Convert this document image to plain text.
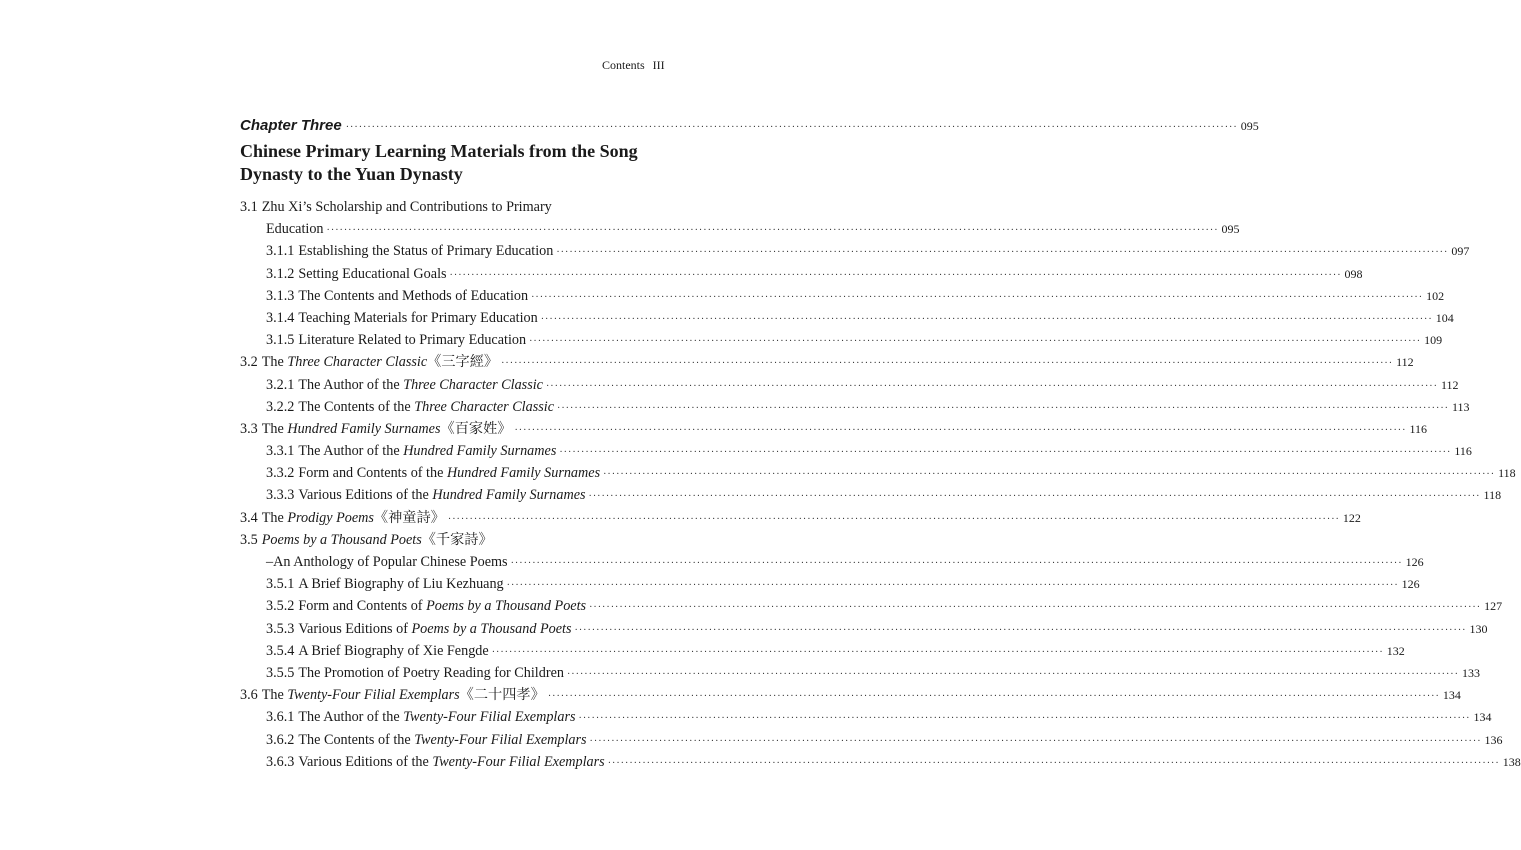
Contents III
Chapter Three ·····	095
Chinese Primary Learning Materials from the Song Dynasty to the Yuan Dynasty
3.1 Zhu Xi’s Scholarship and Contributions to Primary
Education ·····	095
3.1.1 Establishing the Status of Primary Education ·····	097
3.1.2 Setting Educational Goals ·····	098
3.1.3 The Contents and Methods of Education ·····	102
3.1.4 Teaching Materials for Primary Education ·····	104
3.1.5 Literature Related to Primary Education ·····	109
3.2 The Three Character Classic《三字經》 ·····	112
3.2.1 The Author of the Three Character Classic ·····	112
3.2.2 The Contents of the Three Character Classic ·····	113
3.3 The Hundred Family Surnames《百家姓》 ·····	116
3.3.1 The Author of the Hundred Family Surnames ·····	116
3.3.2 Form and Contents of the Hundred Family Surnames ·····	118
3.3.3 Various Editions of the Hundred Family Surnames ·····	118
3.4 The Prodigy Poems《神童詩》 ·····	122
3.5 Poems by a Thousand Poets《千家詩》
–An Anthology of Popular Chinese Poems ·····	126
3.5.1 A Brief Biography of Liu Kezhuang ·····	126
3.5.2 Form and Contents of Poems by a Thousand Poets ·····	127
3.5.3 Various Editions of Poems by a Thousand Poets ·····	130
3.5.4 A Brief Biography of Xie Fengde ·····	132
3.5.5 The Promotion of Poetry Reading for Children ·····	133
3.6 The Twenty-Four Filial Exemplars《二十四孝》 ·····	134
3.6.1 The Author of the Twenty-Four Filial Exemplars ·····	134
3.6.2 The Contents of the Twenty-Four Filial Exemplars ·····	136
3.6.3 Various Editions of the Twenty-Four Filial Exemplars ·····	138
